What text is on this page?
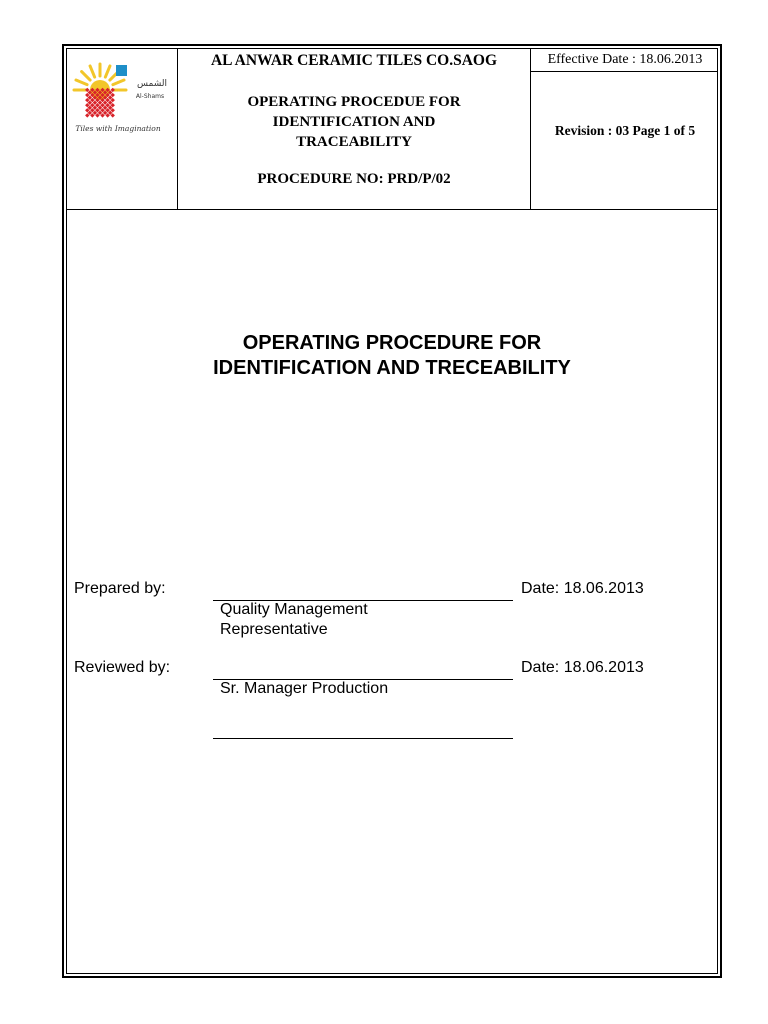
الشمس
Al-Shams
Tiles with Imagination
AL ANWAR CERAMIC TILES CO.SAOG
OPERATING PROCEDUE FOR
IDENTIFICATION AND
TRACEABILITY
PROCEDURE NO: PRD/P/02
Effective Date : 18.06.2013
Revision : 03 Page 1 of 5
OPERATING PROCEDURE FOR
IDENTIFICATION AND TRECEABILITY
Prepared by:	Date: 18.06.2013
Quality Management
Representative
Reviewed by:	Date: 18.06.2013
Sr. Manager Production
